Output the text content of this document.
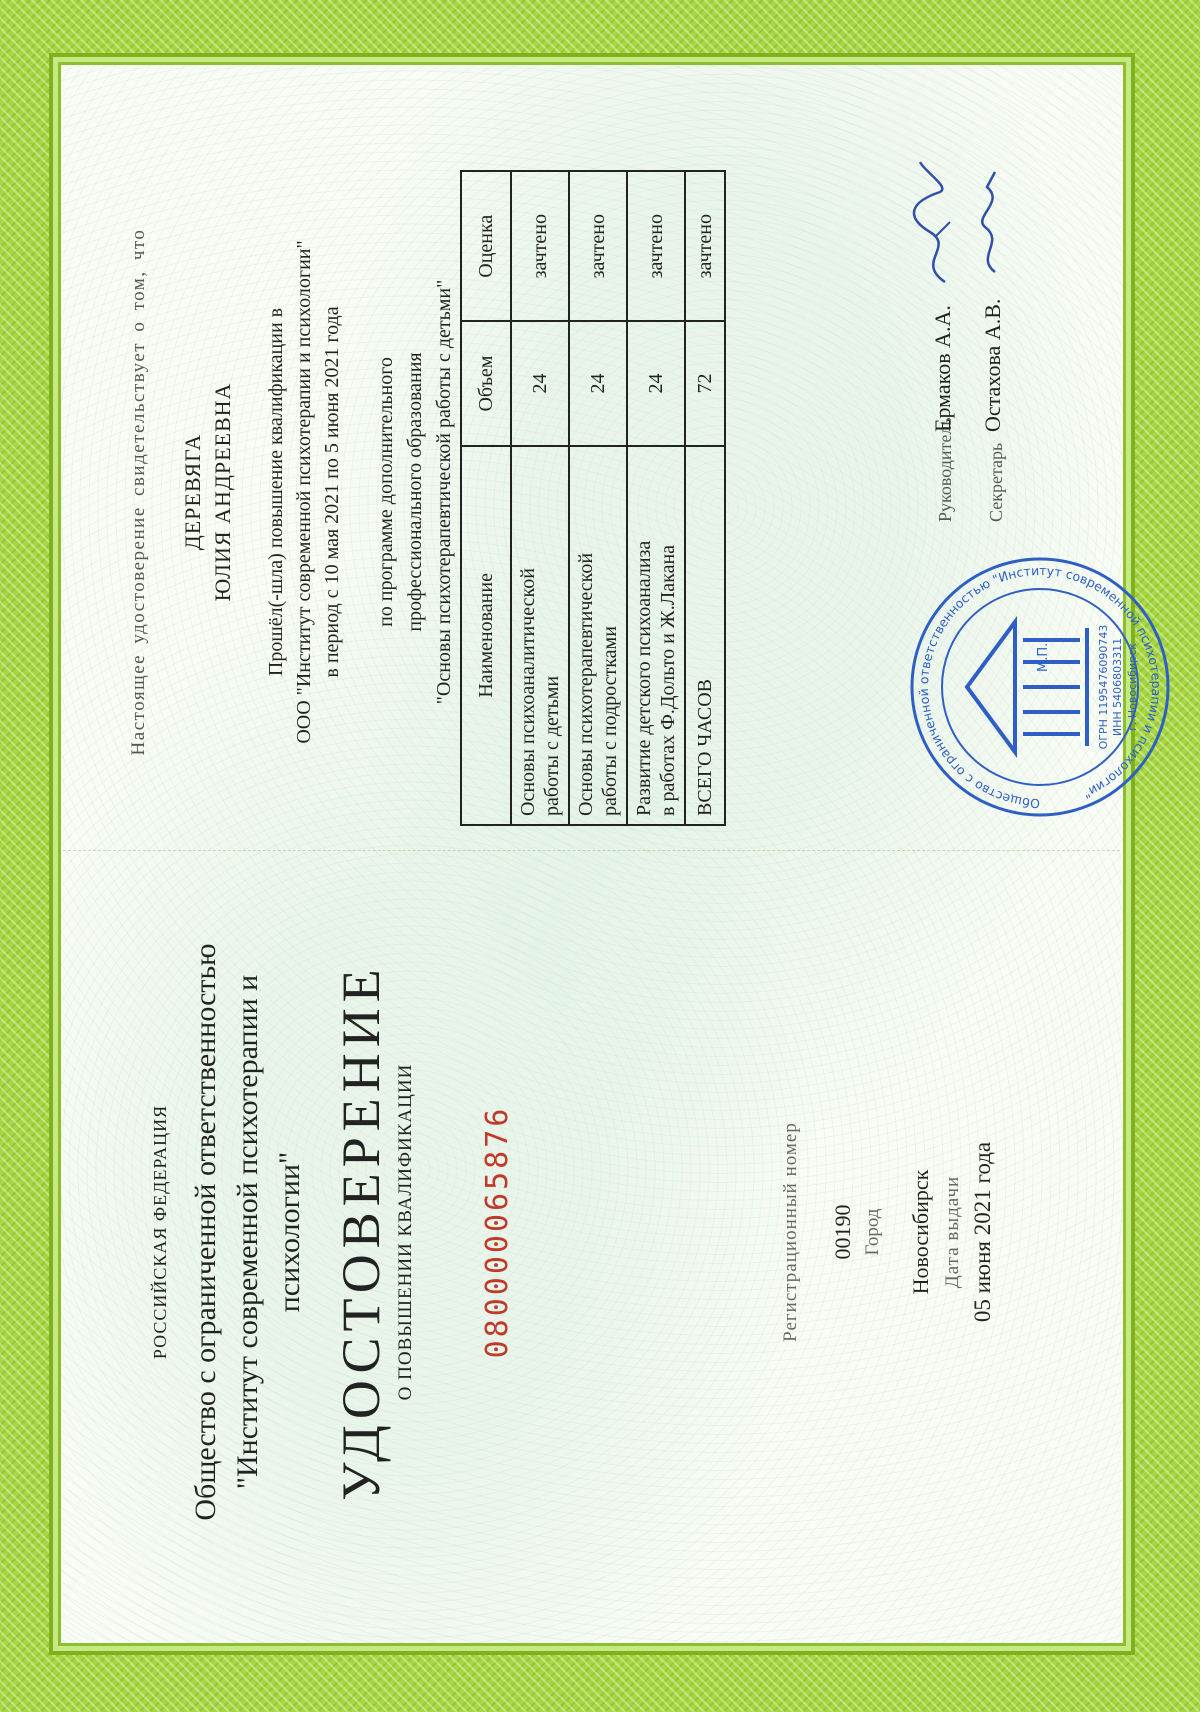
РОССИЙСКАЯ ФЕДЕРАЦИЯ Общество с ограниченной ответственностью "Институт современной психотерапии и психологии" УДОСТОВЕРЕНИЕ О ПОВЫШЕНИИ КВАЛИФИКАЦИИ 080000065876	Регистрационный номер 00190 Город Новосибирск Дата выдачи 05 июня 2021 года
Настоящее удостоверение свидетельствует о том, что ДЕРЕВЯГА ЮЛИЯ АНДРЕЕВНА Прошёл(-шла) повышение квалификации в ООО "Институт современной психотерапии и психологии" в период с 10 мая 2021 по 5 июня 2021 года по программе дополнительного профессионального образования "Основы психотерапевтической работы с детьми" Наименование	Объем	Оценка

Основы психоаналитической работы с детьми	24	зачтено

Основы психотерапевтической работы с подростками	24	зачтено

Развитие детского психоанализа в работах Ф.Дольто и Ж.Лакана	24	зачтено
ВСЕГО ЧАСОВ	72	зачтено
Общество с ограниченной ответственностью "Институт современной психотерапии и психологии"
М.П.	ОГРН 1195476090743 ИНН 5406803311 г. Новосибирск
Руководитель
Ермаков А.А.
Секретарь
Остахова А.В.
